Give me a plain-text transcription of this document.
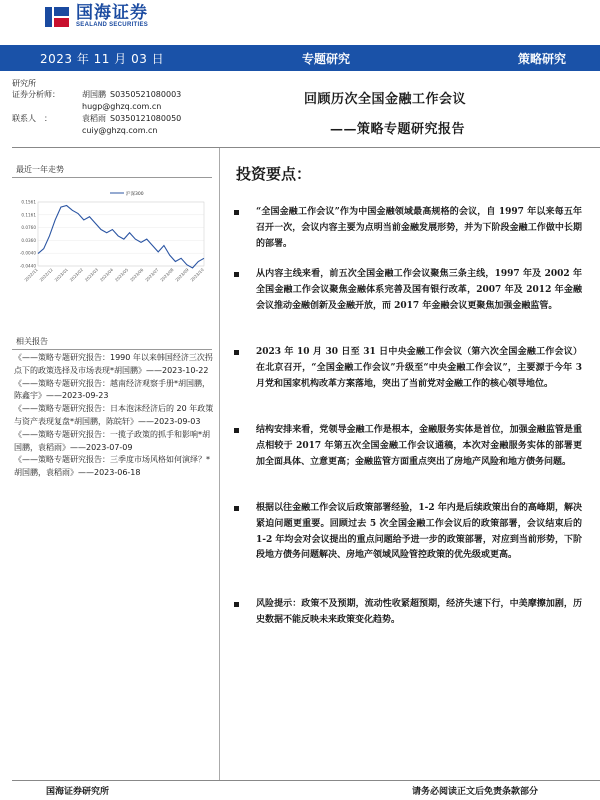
国海证券
SEALAND SECURITIES
2023 年 11 月 03 日	专题研究	策略研究
研究所
证券分析师：	胡国鹏 S0350521080003
hugp@ghzq.com.cn
联系人　：	袁稻雨 S0350121080050
cuiy@ghzq.com.cn
回顾历次全国金融工作会议
——策略专题研究报告
最近一年走势
0.1561
0.1161
0.0760
0.0360
-0.0040
-0.0440
2022/11 2022/12 2023/01 2023/02 2023/03 2023/04 2023/05 2023/06 2023/07 2023/08 2023/09 2023/10
沪深300
相关报告
《——策略专题研究报告：1990 年以来韩国经济三次拐点下的政策选择及市场表现*胡国鹏》——2023-10-22
《——策略专题研究报告：越南经济观察手册*胡国鹏，陈鑫宇》——2023-09-23
《——策略专题研究报告：日本泡沫经济后的 20 年政策与资产表现复盘*胡国鹏，陈皖轩》——2023-09-03
《——策略专题研究报告：一揽子政策的抓手和影响*胡国鹏，袁稻雨》——2023-07-09
《——策略专题研究报告：三季度市场风格如何演绎？*胡国鹏，袁稻雨》——2023-06-18
投资要点：
“全国金融工作会议”作为中国金融领域最高规格的会议，自 1997 年以来每五年召开一次，会议内容主要为点明当前金融发展形势，并为下阶段金融工作做中长期的部署。
从内容主线来看，前五次全国金融工作会议聚焦三条主线，1997 年及 2002 年全国金融工作会议聚焦金融体系完善及国有银行改革，2007 年及 2012 年金融会议推动金融创新及金融开放，而 2017 年金融会议更聚焦加强金融监管。
2023 年 10 月 30 日至 31 日中央金融工作会议（第六次全国金融工作会议）在北京召开，“全国金融工作会议”升级至“中央金融工作会议”，主要源于今年 3 月党和国家机构改革方案落地，突出了当前党对金融工作的核心领导地位。
结构安排来看，党领导金融工作是根本，金融服务实体是首位，加强金融监管是重点相较于 2017 年第五次全国金融工作会议通稿，本次对金融服务实体的部署更加全面具体、立意更高；金融监管方面重点突出了房地产风险和地方债务问题。
根据以往金融工作会议后政策部署经验，1-2 年内是后续政策出台的高峰期，解决紧迫问题更重要。回顾过去 5 次全国金融工作会议后的政策部署，会议结束后的 1-2 年均会对会议提出的重点问题给予进一步的政策部署，对应到当前形势，下阶段地方债务问题解决、房地产领域风险管控政策的优先级或更高。
风险提示：政策不及预期，流动性收紧超预期，经济失速下行，中美摩擦加剧，历史数据不能反映未来政策变化趋势。
国海证券研究所	请务必阅读正文后免责条款部分
